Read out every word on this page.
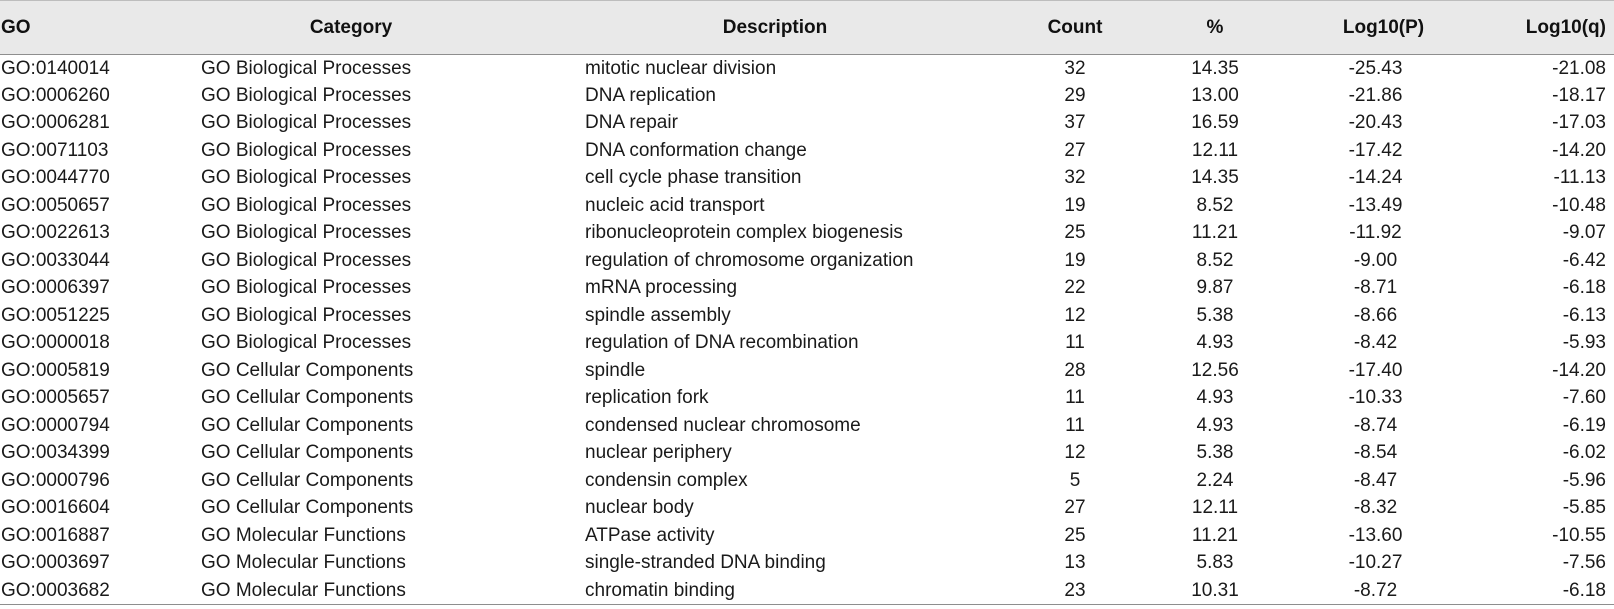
GO	Category	Description	Count	%	Log10(P)	Log10(q)
GO:0140014	GO Biological Processes	mitotic nuclear division	32	14.35	-25.43	-21.08
GO:0006260	GO Biological Processes	DNA replication	29	13.00	-21.86	-18.17
GO:0006281	GO Biological Processes	DNA repair	37	16.59	-20.43	-17.03
GO:0071103	GO Biological Processes	DNA conformation change	27	12.11	-17.42	-14.20
GO:0044770	GO Biological Processes	cell cycle phase transition	32	14.35	-14.24	-11.13
GO:0050657	GO Biological Processes	nucleic acid transport	19	8.52	-13.49	-10.48
GO:0022613	GO Biological Processes	ribonucleoprotein complex biogenesis	25	11.21	-11.92	-9.07
GO:0033044	GO Biological Processes	regulation of chromosome organization	19	8.52	-9.00	-6.42
GO:0006397	GO Biological Processes	mRNA processing	22	9.87	-8.71	-6.18
GO:0051225	GO Biological Processes	spindle assembly	12	5.38	-8.66	-6.13
GO:0000018	GO Biological Processes	regulation of DNA recombination	11	4.93	-8.42	-5.93
GO:0005819	GO Cellular Components	spindle	28	12.56	-17.40	-14.20
GO:0005657	GO Cellular Components	replication fork	11	4.93	-10.33	-7.60
GO:0000794	GO Cellular Components	condensed nuclear chromosome	11	4.93	-8.74	-6.19
GO:0034399	GO Cellular Components	nuclear periphery	12	5.38	-8.54	-6.02
GO:0000796	GO Cellular Components	condensin complex	5	2.24	-8.47	-5.96
GO:0016604	GO Cellular Components	nuclear body	27	12.11	-8.32	-5.85
GO:0016887	GO Molecular Functions	ATPase activity	25	11.21	-13.60	-10.55
GO:0003697	GO Molecular Functions	single-stranded DNA binding	13	5.83	-10.27	-7.56
GO:0003682	GO Molecular Functions	chromatin binding	23	10.31	-8.72	-6.18
